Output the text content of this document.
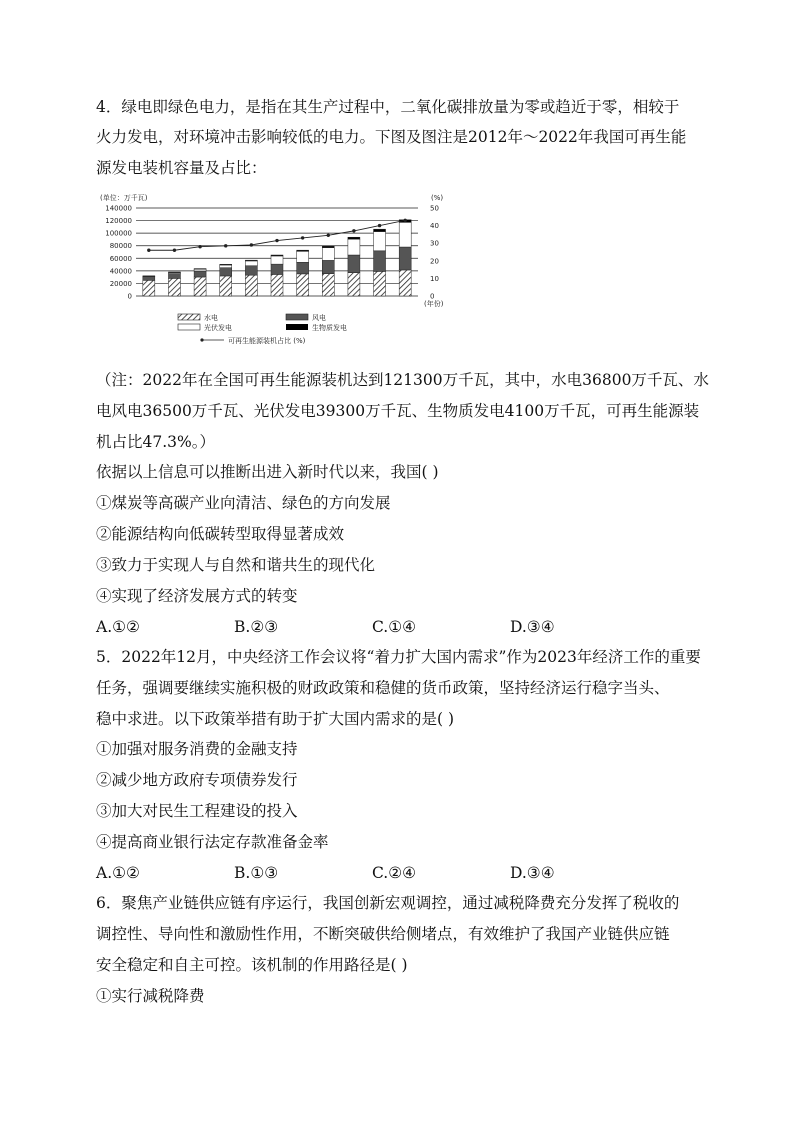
4．绿电即绿色电力，是指在其生产过程中，二氧化碳排放量为零或趋近于零，相较于
火力发电，对环境冲击影响较低的电力。下图及图注是2012年～2022年我国可再生能
源发电装机容量及占比：
(单位：万千瓦)	(%)
140000
120000
100000
80000
60000
40000
20000
0
50
40
30
20
10
0
(年份)
水电	风电
光伏发电	生物质发电
可再生能源装机占比 (%)
（注：2022年在全国可再生能源装机达到121300万千瓦，其中，水电36800万千瓦、水
电风电36500万千瓦、光伏发电39300万千瓦、生物质发电4100万千瓦，可再生能源装
机占比47.3%。）
依据以上信息可以推断出进入新时代以来，我国( )
①煤炭等高碳产业向清洁、绿色的方向发展
②能源结构向低碳转型取得显著成效
③致力于实现人与自然和谐共生的现代化
④实现了经济发展方式的转变
A.①②	B.②③	C.①④	D.③④
5．2022年12月，中央经济工作会议将“着力扩大国内需求”作为2023年经济工作的重要
任务，强调要继续实施积极的财政政策和稳健的货币政策，坚持经济运行稳字当头、
稳中求进。以下政策举措有助于扩大国内需求的是( )
①加强对服务消费的金融支持
②减少地方政府专项债券发行
③加大对民生工程建设的投入
④提高商业银行法定存款准备金率
A.①②	B.①③	C.②④	D.③④
6．聚焦产业链供应链有序运行，我国创新宏观调控，通过减税降费充分发挥了税收的
调控性、导向性和激励性作用，不断突破供给侧堵点，有效维护了我国产业链供应链
安全稳定和自主可控。该机制的作用路径是( )
①实行减税降费
